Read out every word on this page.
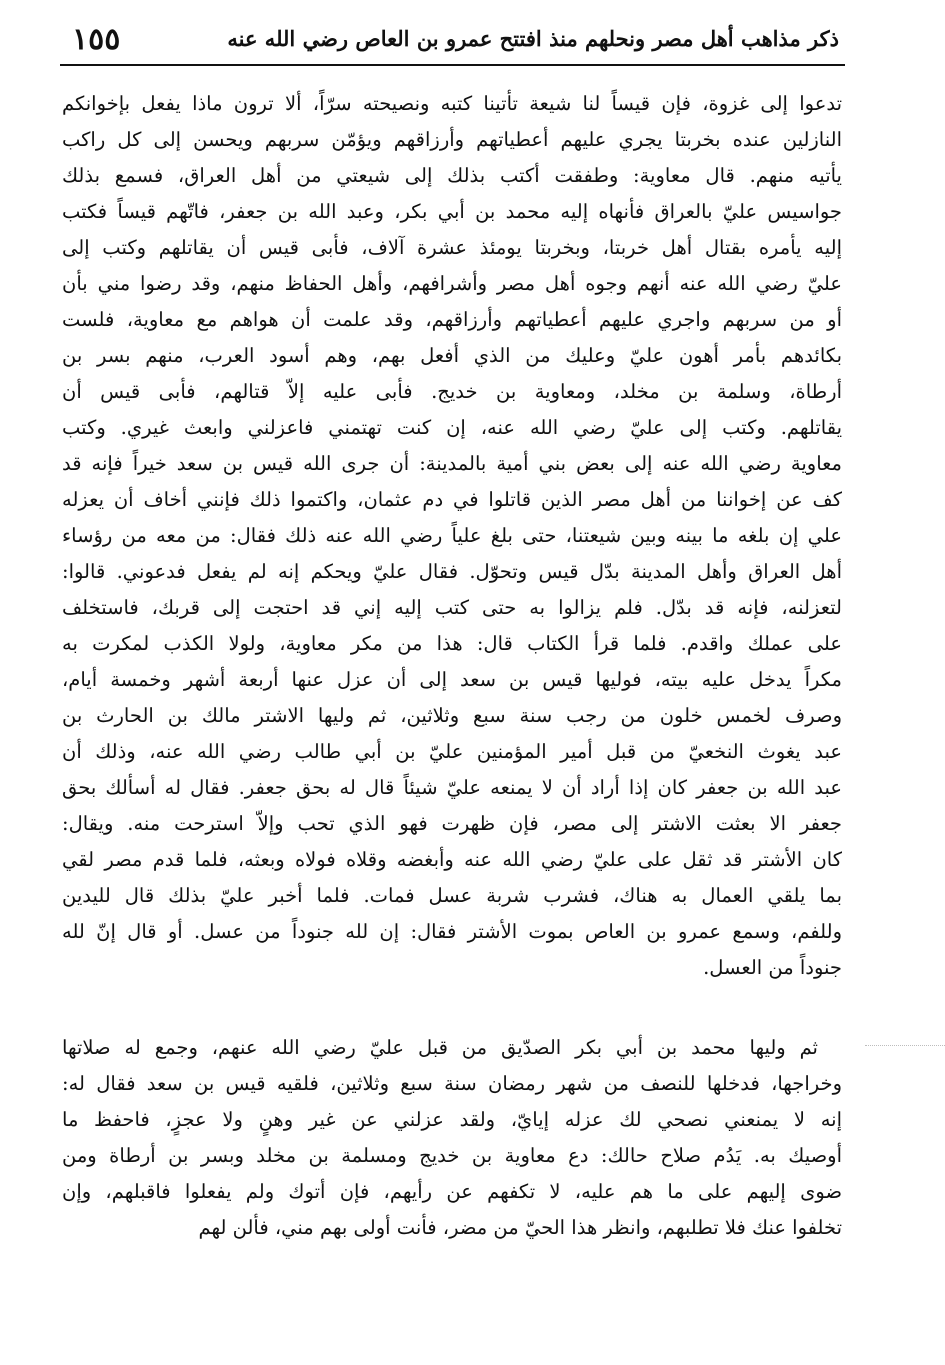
١٥٥	ذكر مذاهب أهل مصر ونحلهم منذ افتتح عمرو بن العاص رضي الله عنه
تدعوا إلى غزوة، فإن قيساً لنا شيعة تأتينا كتبه ونصيحته سرّاً، ألا ترون ماذا يفعل بإخوانكم
النازلين عنده بخربتا يجري عليهم أعطياتهم وأرزاقهم ويؤمّن سربهم ويحسن إلى كل راكب
يأتيه منهم. قال معاوية: وطفقت أكتب بذلك إلى شيعتي من أهل العراق، فسمع بذلك
جواسيس عليّ بالعراق فأنهاه إليه محمد بن أبي بكر، وعبد الله بن جعفر، فاتّهم قيساً فكتب
إليه يأمره بقتال أهل خربتا، وبخربتا يومئذ عشرة آلاف، فأبى قيس أن يقاتلهم وكتب إلى
عليّ رضي الله عنه أنهم وجوه أهل مصر وأشرافهم، وأهل الحفاظ منهم، وقد رضوا مني بأن
أو من سربهم واجري عليهم أعطياتهم وأرزاقهم، وقد علمت أن هواهم مع معاوية، فلست
بكائدهم بأمر أهون عليّ وعليك من الذي أفعل بهم، وهم أسود العرب، منهم بسر بن
أرطاة، وسلمة بن مخلد، ومعاوية بن خديج. فأبى عليه إلاّ قتالهم، فأبى قيس أن
يقاتلهم. وكتب إلى عليّ رضي الله عنه، إن كنت تهتمني فاعزلني وابعث غيري. وكتب
معاوية رضي الله عنه إلى بعض بني أمية بالمدينة: أن جرى الله قيس بن سعد خيراً فإنه قد
كف عن إخواننا من أهل مصر الذين قاتلوا في دم عثمان، واكتموا ذلك فإنني أخاف أن يعزله
علي إن بلغه ما بينه وبين شيعتنا، حتى بلغ علياً رضي الله عنه ذلك فقال: من معه من رؤساء
أهل العراق وأهل المدينة بدّل قيس وتحوّل. فقال عليّ ويحكم إنه لم يفعل فدعوني. قالوا:
لتعزلنه، فإنه قد بدّل. فلم يزالوا به حتى كتب إليه إني قد احتجت إلى قربك، فاستخلف
على عملك واقدم. فلما قرأ الكتاب قال: هذا من مكر معاوية، ولولا الكذب لمكرت به
مكراً يدخل عليه بيته، فوليها قيس بن سعد إلى أن عزل عنها أربعة أشهر وخمسة أيام،
وصرف لخمس خلون من رجب سنة سبع وثلاثين، ثم وليها الاشتر مالك بن الحارث بن
عبد يغوث النخعيّ من قبل أمير المؤمنين عليّ بن أبي طالب رضي الله عنه، وذلك أن
عبد الله بن جعفر كان إذا أراد أن لا يمنعه عليّ شيئاً قال له بحق جعفر. فقال له أسألك بحق
جعفر الا بعثت الاشتر إلى مصر، فإن ظهرت فهو الذي تحب وإلاّ استرحت منه. ويقال:
كان الأشتر قد ثقل على عليّ رضي الله عنه وأبغضه وقلاه فولاه وبعثه، فلما قدم مصر لقي
بما يلقي العمال به هناك، فشرب شربة عسل فمات. فلما أخبر عليّ بذلك قال لليدين
وللفم، وسمع عمرو بن العاص بموت الأشتر فقال: إن لله جنوداً من عسل. أو قال إنّ لله
جنوداً من العسل.
ثم وليها محمد بن أبي بكر الصدّيق من قبل عليّ رضي الله عنهم، وجمع له صلاتها
وخراجها، فدخلها للنصف من شهر رمضان سنة سبع وثلاثين، فلقيه قيس بن سعد فقال له:
إنه لا يمنعني نصحي لك عزله إيايّ، ولقد عزلني عن غير وهنٍ ولا عجزٍ، فاحفظ ما
أوصيك به. يَدُم صلاح حالك: دع معاوية بن خديج ومسلمة بن مخلد وبسر بن أرطاة ومن
ضوى إليهم على ما هم عليه، لا تكفهم عن رأيهم، فإن أتوك ولم يفعلوا فاقبلهم، وإن
تخلفوا عنك فلا تطلبهم، وانظر هذا الحيّ من مضر، فأنت أولى بهم مني، فألن لهم
